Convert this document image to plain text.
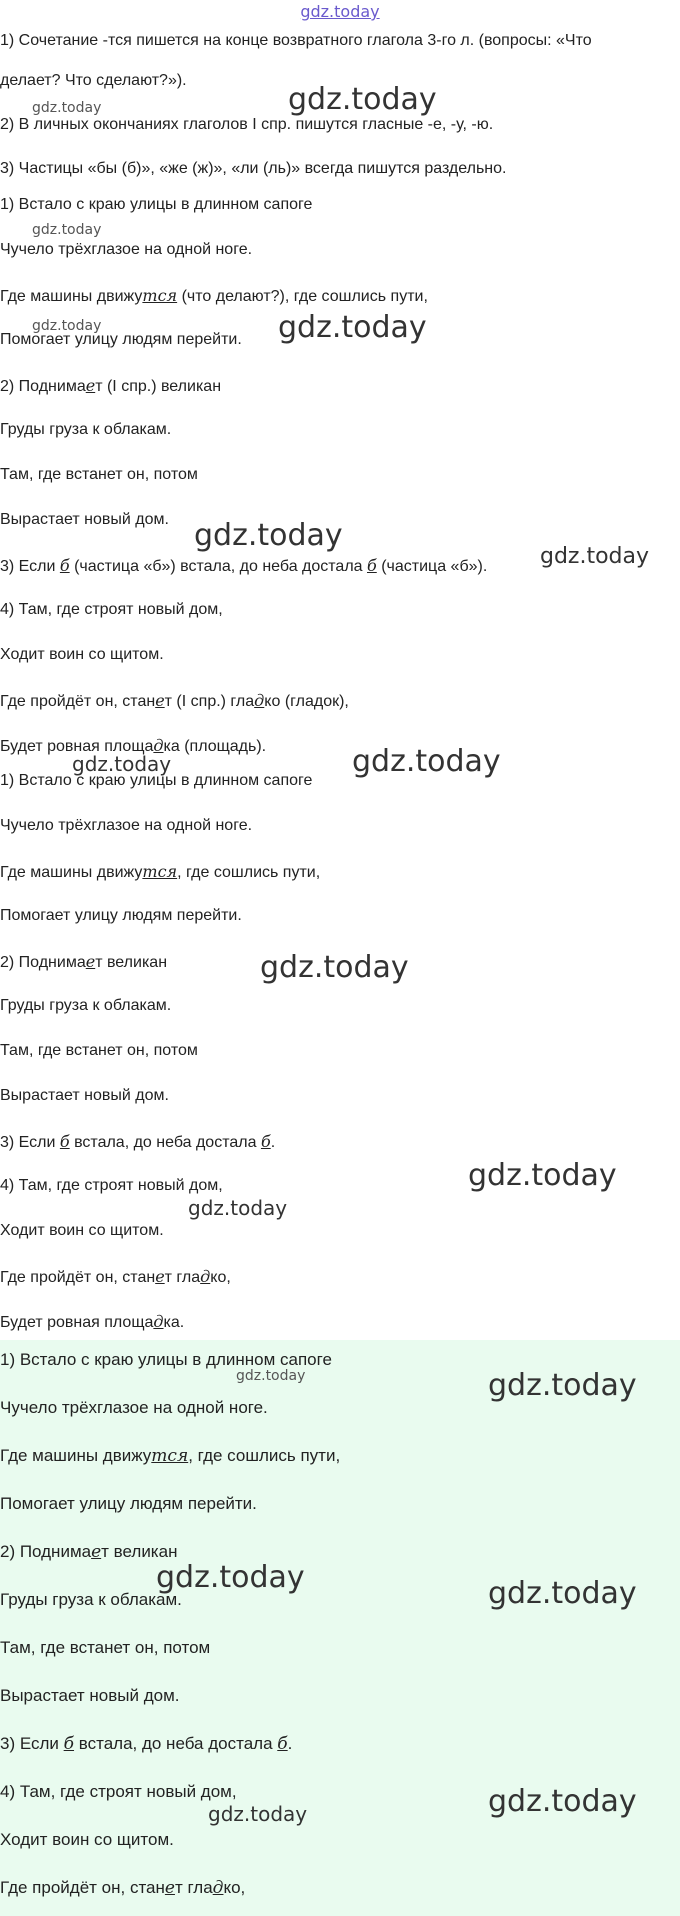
gdz.today
1) Сочетание -тся пишется на конце возвратного глагола 3-го л. (вопросы: «Что
делает? Что сделают?»).
2) В личных окончаниях глаголов I спр. пишутся гласные -е, -у, -ю.
3) Частицы «бы (б)», «же (ж)», «ли (ль)» всегда пишутся раздельно.
1) Встало с краю улицы в длинном сапоге
Чучело трёхглазое на одной ноге.
Где машины движутся (что делают?), где сошлись пути,
Помогает улицу людям перейти.
2) Поднимает (I спр.) великан
Груды груза к облакам.
Там, где встанет он, потом
Вырастает новый дом.
3) Если б (частица «б») встала, до неба достала б (частица «б»).
4) Там, где строят новый дом,
Ходит воин со щитом.
Где пройдёт он, станет (I спр.) гладко (гладок),
Будет ровная площадка (площадь).
1) Встало с краю улицы в длинном сапоге
Чучело трёхглазое на одной ноге.
Где машины движутся, где сошлись пути,
Помогает улицу людям перейти.
2) Поднимает великан
Груды груза к облакам.
Там, где встанет он, потом
Вырастает новый дом.
3) Если б встала, до неба достала б.
4) Там, где строят новый дом,
Ходит воин со щитом.
Где пройдёт он, станет гладко,
Будет ровная площадка.
1) Встало с краю улицы в длинном сапоге
Чучело трёхглазое на одной ноге.
Где машины движутся, где сошлись пути,
Помогает улицу людям перейти.
2) Поднимает великан
Груды груза к облакам.
Там, где встанет он, потом
Вырастает новый дом.
3) Если б встала, до неба достала б.
4) Там, где строят новый дом,
Ходит воин со щитом.
Где пройдёт он, станет гладко,
gdz.today
gdz.today
gdz.today
gdz.today	gdz.today
gdz.today
gdz.today
gdz.today	gdz.today
gdz.today
gdz.today
gdz.today
gdz.today	gdz.today
gdz.today	gdz.today
gdz.today
gdz.today
